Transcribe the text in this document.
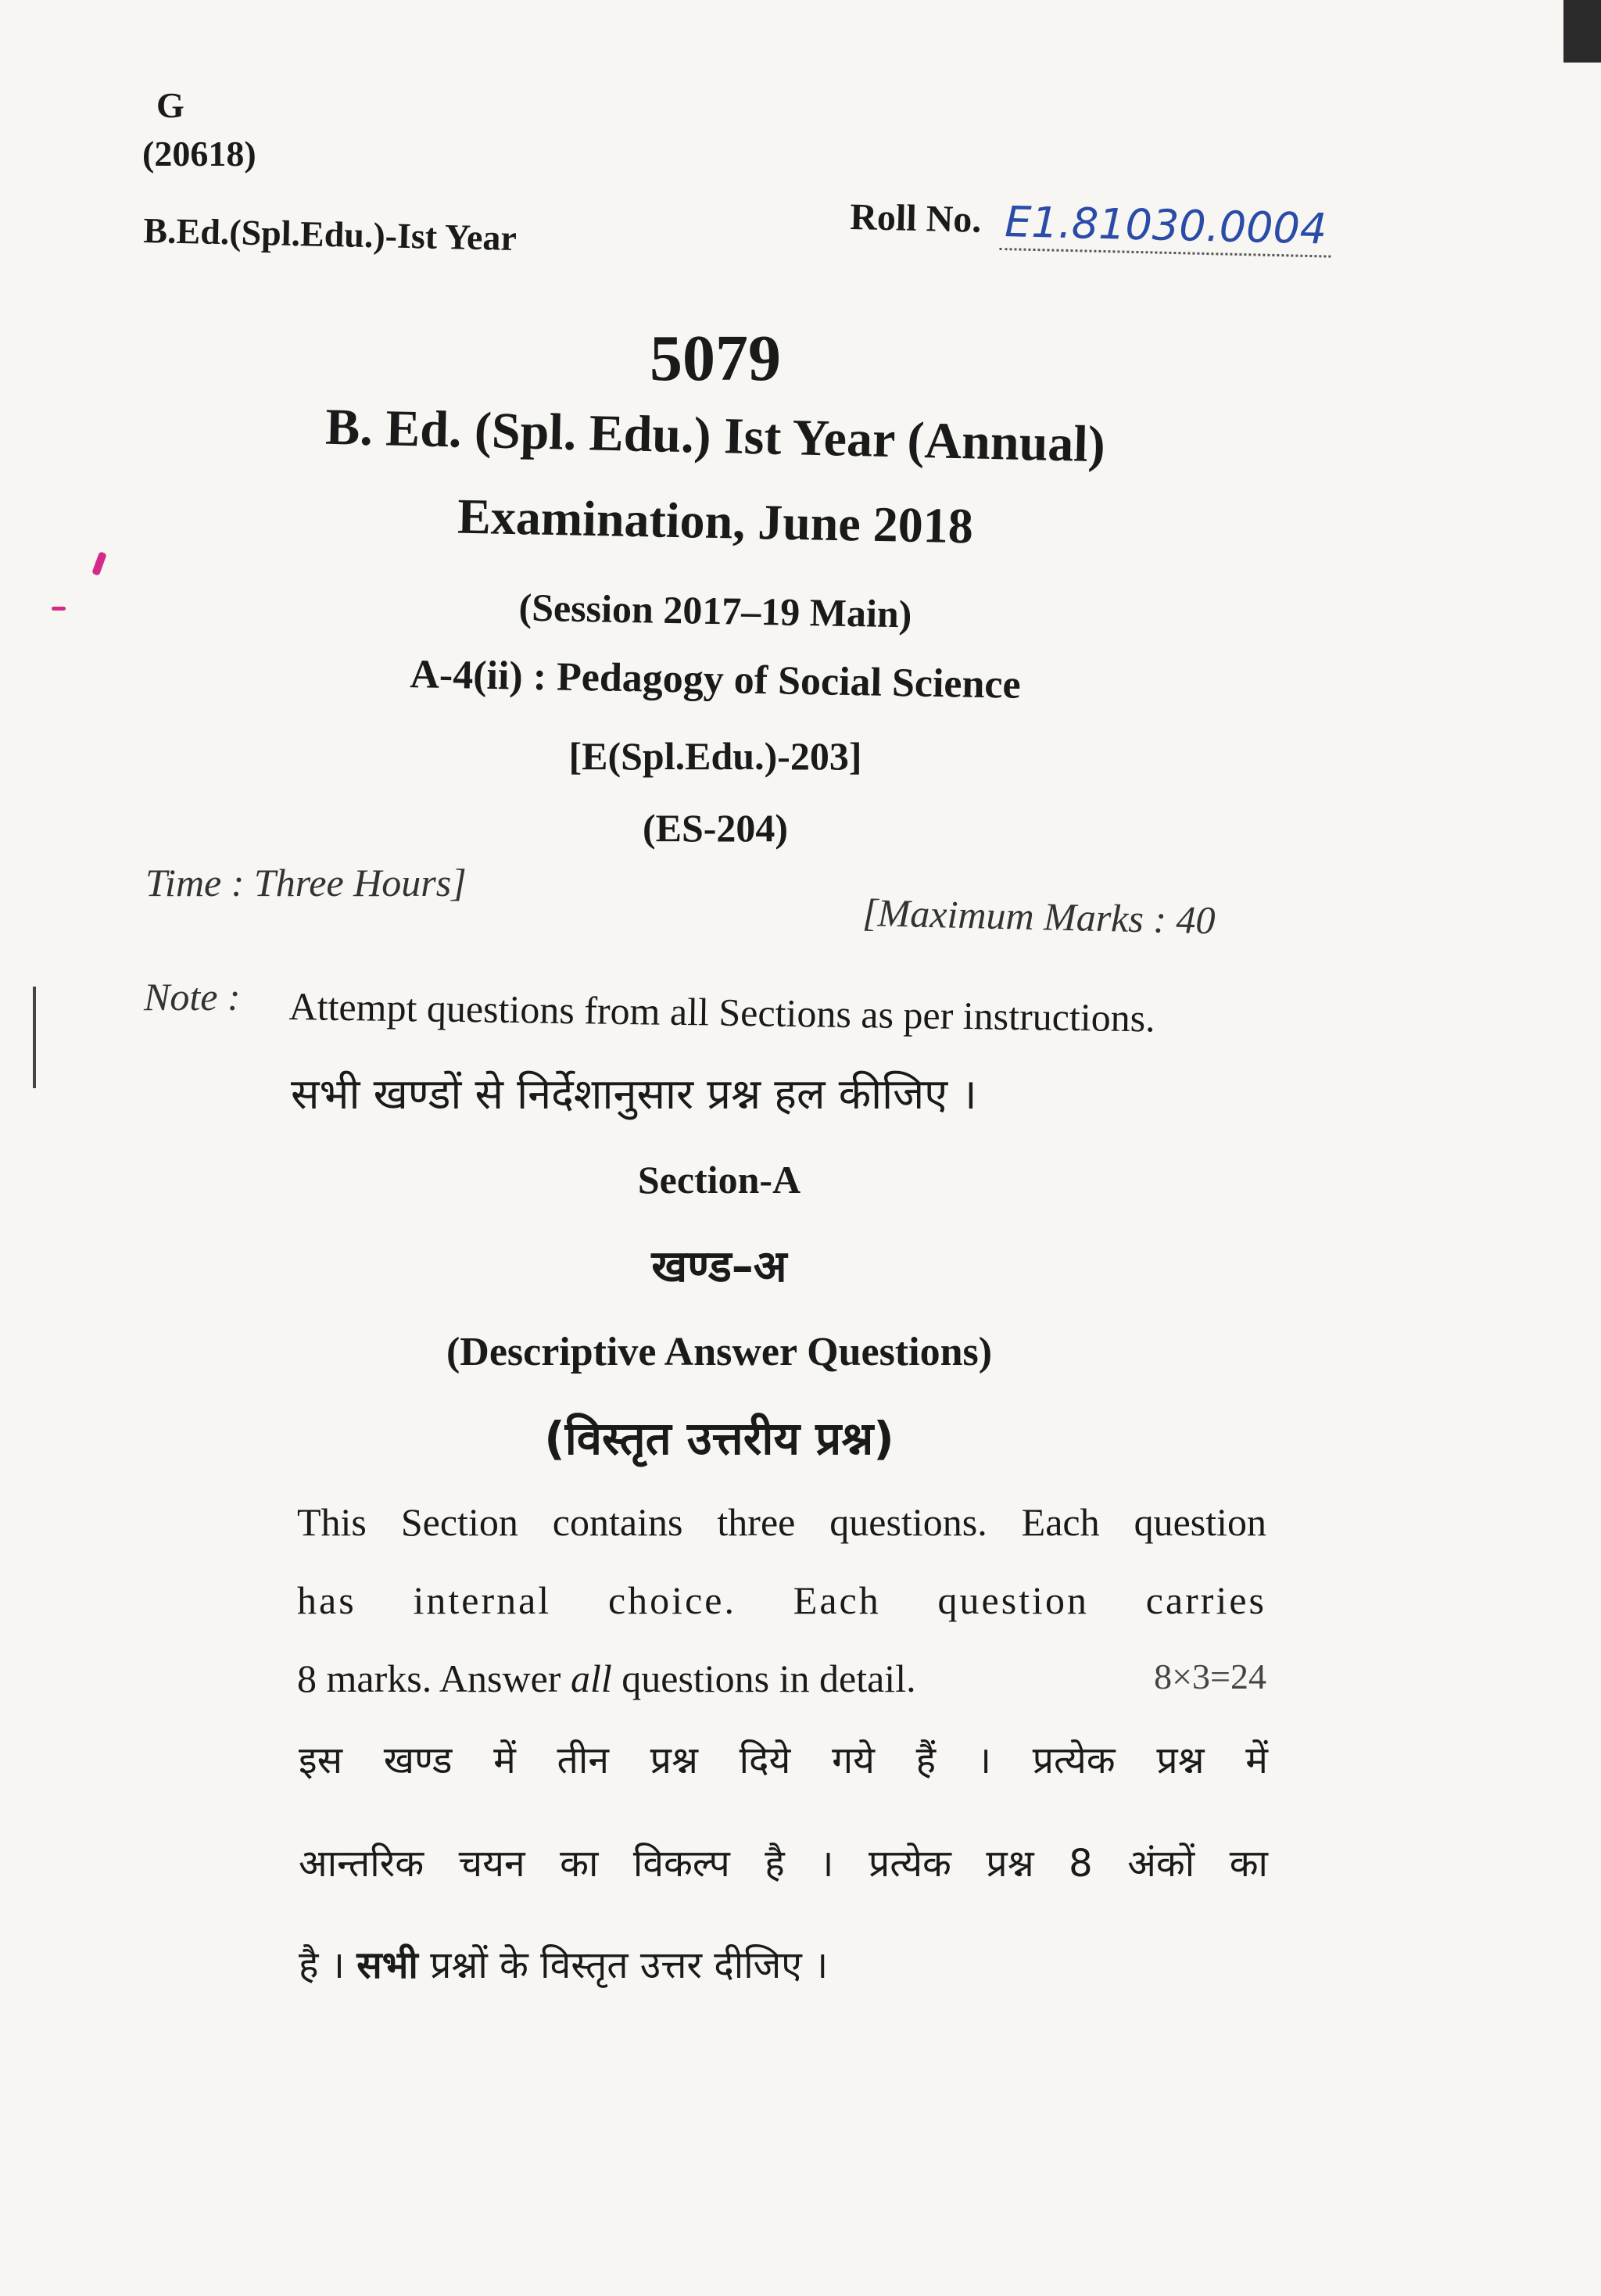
G
(20618)
B.Ed.(Spl.Edu.)-Ist Year	Roll No. E1.81030.0004
5079
B. Ed. (Spl. Edu.) Ist Year (Annual)
Examination, June 2018
(Session 2017–19 Main)
A-4(ii) : Pedagogy of Social Science
[E(Spl.Edu.)-203]
(ES-204)
Time : Three Hours]
[Maximum Marks : 40
Note : Attempt questions from all Sections as per instructions.
सभी खण्डों से निर्देशानुसार प्रश्न हल कीजिए ।
Section-A
खण्ड–अ
(Descriptive Answer Questions)
(विस्तृत उत्तरीय प्रश्न)
This Section contains three questions. Each question
has internal choice. Each question carries
8 marks. Answer all questions in detail.	8×3=24
इस खण्ड में तीन प्रश्न दिये गये हैं । प्रत्येक प्रश्न में
आन्तरिक चयन का विकल्प है । प्रत्येक प्रश्न 8 अंकों का
है । सभी प्रश्नों के विस्तृत उत्तर दीजिए ।
